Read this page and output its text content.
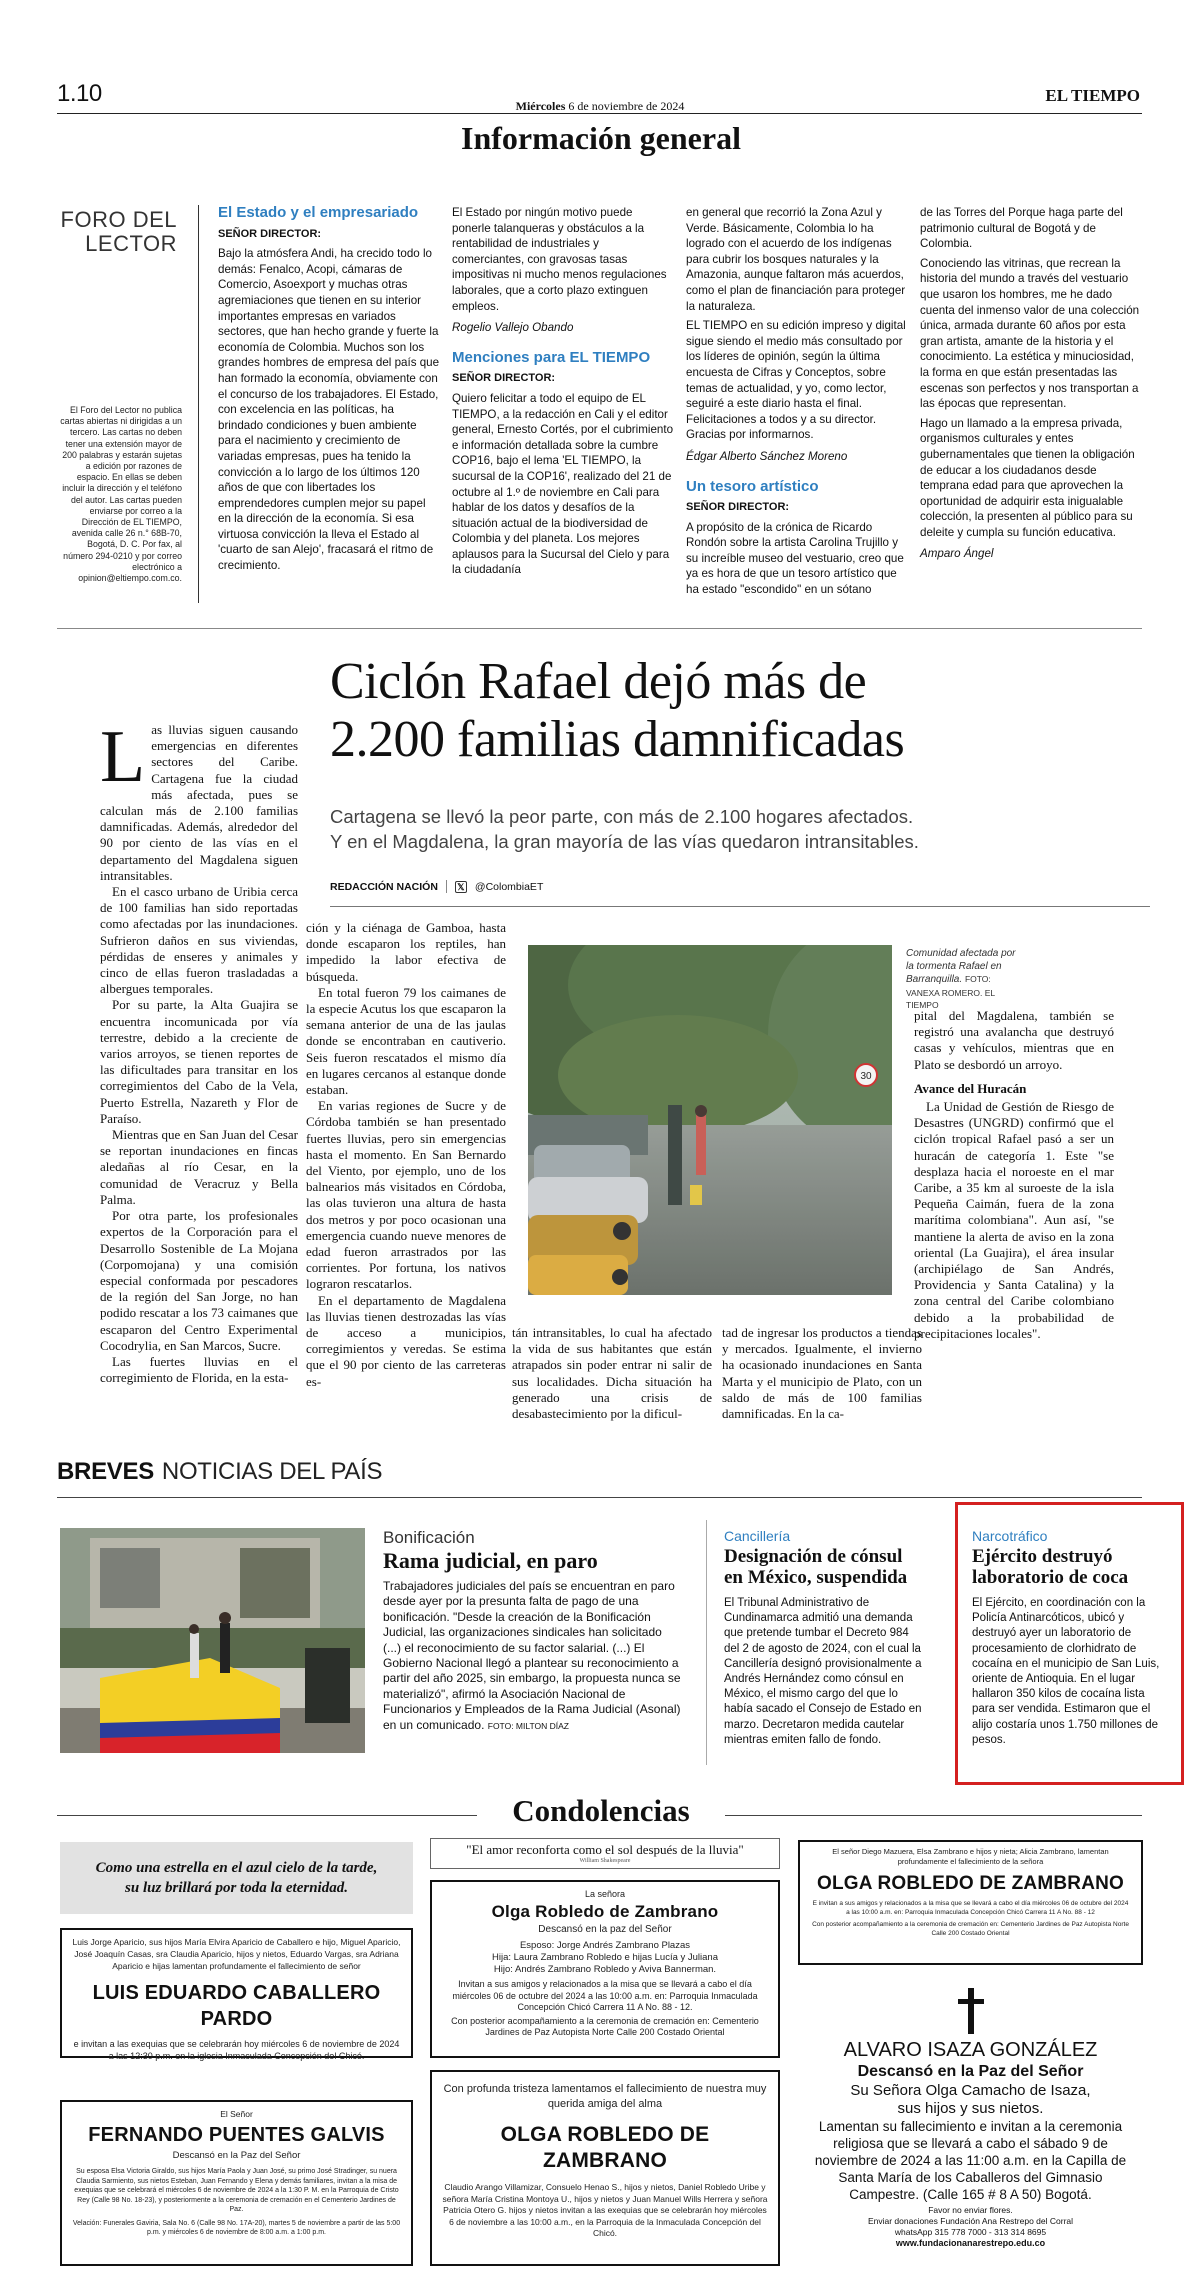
1.10	Miércoles 6 de noviembre de 2024
EL TIEMPO
Información general
FORO DEL
LECTOR
El Foro del Lector no publica cartas abiertas ni dirigidas a un tercero. Las cartas no deben tener una extensión mayor de 200 palabras y estarán sujetas a edición por razones de espacio. En ellas se deben incluir la dirección y el teléfono del autor. Las cartas pueden enviarse por correo a la Dirección de EL TIEMPO, avenida calle 26 n.° 68B-70, Bogotá, D. C. Por fax, al número 294-0210 y por correo electrónico a opinion@eltiempo.com.co.
El Estado y el empresariado
SEÑOR DIRECTOR:

Bajo la atmósfera Andi, ha crecido todo lo demás: Fenalco, Acopi, cámaras de Comercio, Asoexport y muchas otras agremiaciones que tienen en su interior importantes empresas en variados sectores, que han hecho grande y fuerte la economía de Colombia. Muchos son los grandes hombres de empresa del país que han formado la economía, obviamente con el concurso de los trabajadores. El Estado, con excelencia en las políticas, ha brindado condiciones y buen ambiente para el nacimiento y crecimiento de variadas empresas, pues ha tenido la convicción a lo largo de los últimos 120 años de que con libertades los emprendedores cumplen mejor su papel en la dirección de la economía. Si esa virtuosa convicción la lleva el Estado al 'cuarto de san Alejo', fracasará el ritmo de crecimiento.

El Estado por ningún motivo puede ponerle talanqueras y obstáculos a la rentabilidad de industriales y comerciantes, con gravosas tasas impositivas ni mucho menos regulaciones laborales, que a corto plazo extinguen empleos.

Rogelio Vallejo Obando
Menciones para EL TIEMPO
SEÑOR DIRECTOR:

Quiero felicitar a todo el equipo de EL TIEMPO, a la redacción en Cali y el editor general, Ernesto Cortés, por el cubrimiento e información detallada sobre la cumbre COP16, bajo el lema 'EL TIEMPO, la sucursal de la COP16', realizado del 21 de octubre al 1.º de noviembre en Cali para hablar de los datos y desafíos de la situación actual de la biodiversidad de Colombia y del planeta. Los mejores aplausos para la Sucursal del Cielo y para la ciudadanía

en general que recorrió la Zona Azul y Verde. Básicamente, Colombia lo ha logrado con el acuerdo de los indígenas para cubrir los bosques naturales y la Amazonia, aunque faltaron más acuerdos, como el plan de financiación para proteger la naturaleza.

EL TIEMPO en su edición impreso y digital sigue siendo el medio más consultado por los líderes de opinión, según la última encuesta de Cifras y Conceptos, sobre temas de actualidad, y yo, como lector, seguiré a este diario hasta el final. Felicitaciones a todos y a su director. Gracias por informarnos.

Édgar Alberto Sánchez Moreno
Un tesoro artístico
SEÑOR DIRECTOR:

A propósito de la crónica de Ricardo Rondón sobre la artista Carolina Trujillo y su increíble museo del vestuario, creo que ya es hora de que un tesoro artístico que ha estado "escondido" en un sótano

de las Torres del Porque haga parte del patrimonio cultural de Bogotá y de Colombia.

Conociendo las vitrinas, que recrean la historia del mundo a través del vestuario que usaron los hombres, me he dado cuenta del inmenso valor de una colección única, armada durante 60 años por esta gran artista, amante de la historia y el conocimiento. La estética y minuciosidad, la forma en que están presentadas las escenas son perfectos y nos transportan a las épocas que representan.

Hago un llamado a la empresa privada, organismos culturales y entes gubernamentales que tienen la obligación de educar a los ciudadanos desde temprana edad para que aprovechen la oportunidad de adquirir esta inigualable colección, la presenten al público para su deleite y cumpla su función educativa.

Amparo Ángel
Ciclón Rafael dejó más de
2.200 familias damnificadas
Cartagena se llevó la peor parte, con más de 2.100 hogares afectados.
Y en el Magdalena, la gran mayoría de las vías quedaron intransitables.
REDACCIÓN NACIÓN 𝕏 @ColombiaET
L as lluvias siguen causando emergencias en diferentes sectores del Caribe. Cartagena fue la ciudad más afectada, pues se calculan más de 2.100 familias damnificadas. Además, alrededor del 90 por ciento de las vías en el departamento del Magdalena siguen intransitables.

En el casco urbano de Uribia cerca de 100 familias han sido reportadas como afectadas por las inundaciones. Sufrieron daños en sus viviendas, pérdidas de enseres y animales y cinco de ellas fueron trasladadas a albergues temporales.

Por su parte, la Alta Guajira se encuentra incomunicada por vía terrestre, debido a la creciente de varios arroyos, se tienen reportes de las dificultades para transitar en los corregimientos del Cabo de la Vela, Puerto Estrella, Nazareth y Flor de Paraíso.

Mientras que en San Juan del Cesar se reportan inundaciones en fincas aledañas al río Cesar, en la comunidad de Veracruz y Bella Palma.

Por otra parte, los profesionales expertos de la Corporación para el Desarrollo Sostenible de La Mojana (Corpomojana) y una comisión especial conformada por pescadores de la región del San Jorge, no han podido rescatar a los 73 caimanes que escaparon del Centro Experimental Cocodrylia, en San Marcos, Sucre.

Las fuertes lluvias en el corregimiento de Florida, en la esta-

ción y la ciénaga de Gamboa, hasta donde escaparon los reptiles, han impedido la labor efectiva de búsqueda.

En total fueron 79 los caimanes de la especie Acutus los que escaparon la semana anterior de una de las jaulas donde se encontraban en cautiverio. Seis fueron rescatados el mismo día en lugares cercanos al estanque donde estaban.

En varias regiones de Sucre y de Córdoba también se han presentado fuertes lluvias, pero sin emergencias hasta el momento. En San Bernardo del Viento, por ejemplo, uno de los balnearios más visitados en Córdoba, las olas tuvieron una altura de hasta dos metros y por poco ocasionan una emergencia cuando nueve menores de edad fueron arrastrados por las corrientes. Por fortuna, los nativos lograron rescatarlos.

En el departamento de Magdalena las lluvias tienen destrozadas las vías de acceso a municipios, corregimientos y veredas. Se estima que el 90 por ciento de las carreteras es-

30
Comunidad afectada por la tormenta Rafael en Barranquilla. FOTO:
VANEXA ROMERO. EL TIEMPO

tán intransitables, lo cual ha afectado la vida de sus habitantes que están atrapados sin poder entrar ni salir de sus localidades. Dicha situación ha generado una crisis de desabastecimiento por la dificul-

tad de ingresar los productos a tiendas y mercados. Igualmente, el invierno ha ocasionado inundaciones en Santa Marta y el municipio de Plato, con un saldo de más de 100 familias damnificadas. En la ca-

pital del Magdalena, también se registró una avalancha que destruyó casas y vehículos, mientras que en Plato se desbordó un arroyo.

Avance del Huracán

La Unidad de Gestión de Riesgo de Desastres (UNGRD) confirmó que el ciclón tropical Rafael pasó a ser un huracán de categoría 1. Este "se desplaza hacia el noroeste en el mar Caribe, a 35 km al suroeste de la isla Pequeña Caimán, fuera de la zona marítima colombiana". Aun así, "se mantiene la alerta de aviso en la zona oriental (La Guajira), el área insular (archipiélago de San Andrés, Providencia y Santa Catalina) y la zona central del Caribe colombiano debido a la probabilidad de precipitaciones locales".

BREVES NOTICIAS DEL PAÍS
Bonificación
Rama judicial, en paro

Trabajadores judiciales del país se encuentran en paro desde ayer por la presunta falta de pago de una bonificación. "Desde la creación de la Bonificación Judicial, las organizaciones sindicales han solicitado (...) el reconocimiento de su factor salarial. (...) El Gobierno Nacional llegó a plantear su reconocimiento a partir del año 2025, sin embargo, la propuesta nunca se materializó", afirmó la Asociación Nacional de Funcionarios y Empleados de la Rama Judicial (Asonal) en un comunicado. FOTO: MILTON DÍAZ

Cancillería
Designación de cónsul en México, suspendida

El Tribunal Administrativo de Cundinamarca admitió una demanda que pretende tumbar el Decreto 984 del 2 de agosto de 2024, con el cual la Cancillería designó provisionalmente a Andrés Hernández como cónsul en México, el mismo cargo del que lo había sacado el Consejo de Estado en marzo. Decretaron medida cautelar mientras emiten fallo de fondo.

Narcotráfico
Ejército destruyó laboratorio de coca

El Ejército, en coordinación con la Policía Antinarcóticos, ubicó y destruyó ayer un laboratorio de procesamiento de clorhidrato de cocaína en el municipio de San Luis, oriente de Antioquia. En el lugar hallaron 350 kilos de cocaína lista para ser vendida. Estimaron que el alijo costaría unos 1.750 millones de pesos.

Condolencias
Como una estrella en el azul cielo de la tarde,
su luz brillará por toda la eternidad.
Luis Jorge Aparicio, sus hijos María Elvira Aparicio de Caballero e hijo, Miguel Aparicio, José Joaquín Casas, sra Claudia Aparicio, hijos y nietos, Eduardo Vargas, sra Adriana Aparicio e hijas lamentan profundamente el fallecimiento de señor
LUIS EDUARDO CABALLERO PARDO
e invitan a las exequias que se celebrarán hoy miércoles 6 de noviembre de 2024 a las 12:30 p.m. en la iglesia Inmaculada Concepción del Chicó.
El Señor
FERNANDO PUENTES GALVIS
Descansó en la Paz del Señor
Su esposa Elsa Victoria Giraldo, sus hijos María Paola y Juan José, su primo José Stradinger, su nuera Claudia Sarmiento, sus nietos Esteban, Juan Fernando y Elena y demás familiares, invitan a la misa de exequias que se celebrará el miércoles 6 de noviembre de 2024 a la 1:30 P. M. en la Parroquia de Cristo Rey (Calle 98 No. 18-23), y posteriormente a la ceremonia de cremación en el Cementerio Jardines de Paz.
Velación: Funerales Gaviria, Sala No. 6 (Calle 98 No. 17A-20), martes 5 de noviembre a partir de las 5:00 p.m. y miércoles 6 de noviembre de 8:00 a.m. a 1:00 p.m.
"El amor reconforta como el sol después de la lluvia"
William Shakespeare
La señora
Olga Robledo de Zambrano
Descansó en la paz del Señor
Esposo: Jorge Andrés Zambrano Plazas
Hija: Laura Zambrano Robledo e hijas Lucía y Juliana
Hijo: Andrés Zambrano Robledo y Aviva Bannerman.
Invitan a sus amigos y relacionados a la misa que se llevará a cabo el día miércoles 06 de octubre del 2024 a las 10:00 a.m. en: Parroquia Inmaculada Concepción Chicó Carrera 11 A No. 88 - 12.
Con posterior acompañamiento a la ceremonia de cremación en: Cementerio Jardines de Paz Autopista Norte Calle 200 Costado Oriental
Con profunda tristeza lamentamos el fallecimiento de nuestra muy querida amiga del alma
OLGA ROBLEDO DE ZAMBRANO
Claudio Arango Villamizar, Consuelo Henao S., hijos y nietos, Daniel Robledo Uribe y señora María Cristina Montoya U., hijos y nietos y Juan Manuel Wills Herrera y señora Patricia Otero G. hijos y nietos invitan a las exequias que se celebrarán hoy miércoles 6 de noviembre a las 10:00 a.m., en la Parroquia de la Inmaculada Concepción del Chicó.
El señor Diego Mazuera, Elsa Zambrano e hijos y nieta; Alicia Zambrano, lamentan profundamente el fallecimiento de la señora
OLGA ROBLEDO DE ZAMBRANO
E invitan a sus amigos y relacionados a la misa que se llevará a cabo el día miércoles 06 de octubre del 2024 a las 10:00 a.m. en: Parroquia Inmaculada Concepción Chicó Carrera 11 A No. 88 - 12
Con posterior acompañamiento a la ceremonia de cremación en: Cementerio Jardines de Paz Autopista Norte Calle 200 Costado Oriental
ALVARO ISAZA GONZÁLEZ
Descansó en la Paz del Señor
Su Señora Olga Camacho de Isaza,
sus hijos y sus nietos.
Lamentan su fallecimiento e invitan a la ceremonia religiosa que se llevará a cabo el sábado 9 de noviembre de 2024 a las 11:00 a.m. en la Capilla de Santa María de los Caballeros del Gimnasio Campestre. (Calle 165 # 8 A 50) Bogotá.
Favor no enviar flores.
Enviar donaciones Fundación Ana Restrepo del Corral
whatsApp 315 778 7000 - 313 314 8695
www.fundacionanarestrepo.edu.co
